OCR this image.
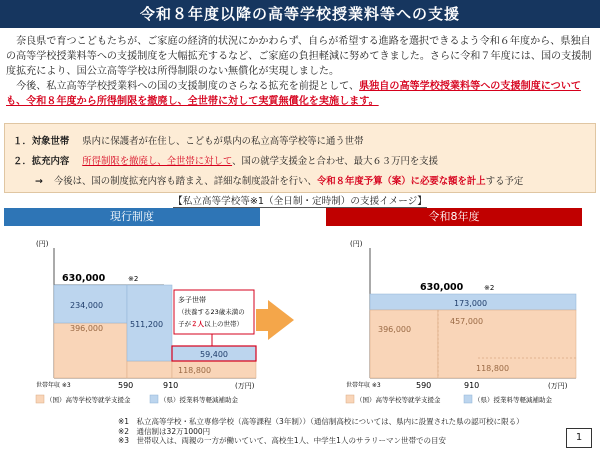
令和８年度以降の高等学校授業料等への支援

奈良県で育つこどもたちが、ご家庭の経済的状況にかかわらず、自らが希望する進路を選択できるよう令和６年度から、県独自の高等学校授業料等への支援制度を大幅拡充するなど、ご家庭の負担軽減に努めてきました。さらに令和７年度には、国の支援制度拡充により、国公立高等学校は所得制限のない無償化が実現しました。

今後、私立高等学校授業料への国の支援制度のさらなる拡充を前提として、県独自の高等学校授業料等への支援制度についても、令和８年度から所得制限を撤廃し、全世帯に対して実質無償化を実施します。

１．対象世帯 県内に保護者が在住し、こどもが県内の私立高等学校等に通う世帯
２．拡充内容 所得制限を撤廃し、全世帯に対して、国の就学支援金と合わせ、最大６３万円を支援
→ 今後は、国の制度拡充内容も踏まえ、詳細な制度設計を行い、令和８年度予算（案）に必要な額を計上する予定
【私立高等学校等※1（全日制・定時制）の支援イメージ】
現行制度	令和8年度
(円)
630,000	※2
234,000
396,000	511,200
118,800
59,400
多子世帯
（扶養する23歳未満の
子が２人以上の世帯）
世帯年収 ※3	590	910	(万円)
（国）高等学校等就学支援金	（県）授業料等軽減補助金
(円)
630,000	※2
173,000
396,000
457,000
118,800
世帯年収 ※3	590	910	(万円)
（国）高等学校等就学支援金	（県）授業料等軽減補助金
※1　私立高等学校・私立専修学校（高等課程（3年制））（通信制高校については、県内に設置された県の認可校に限る）
※2　通信制は32万1000円
※3　世帯収入は、両親の一方が働いていて、高校生1人、中学生1人のサラリーマン世帯での目安	1
